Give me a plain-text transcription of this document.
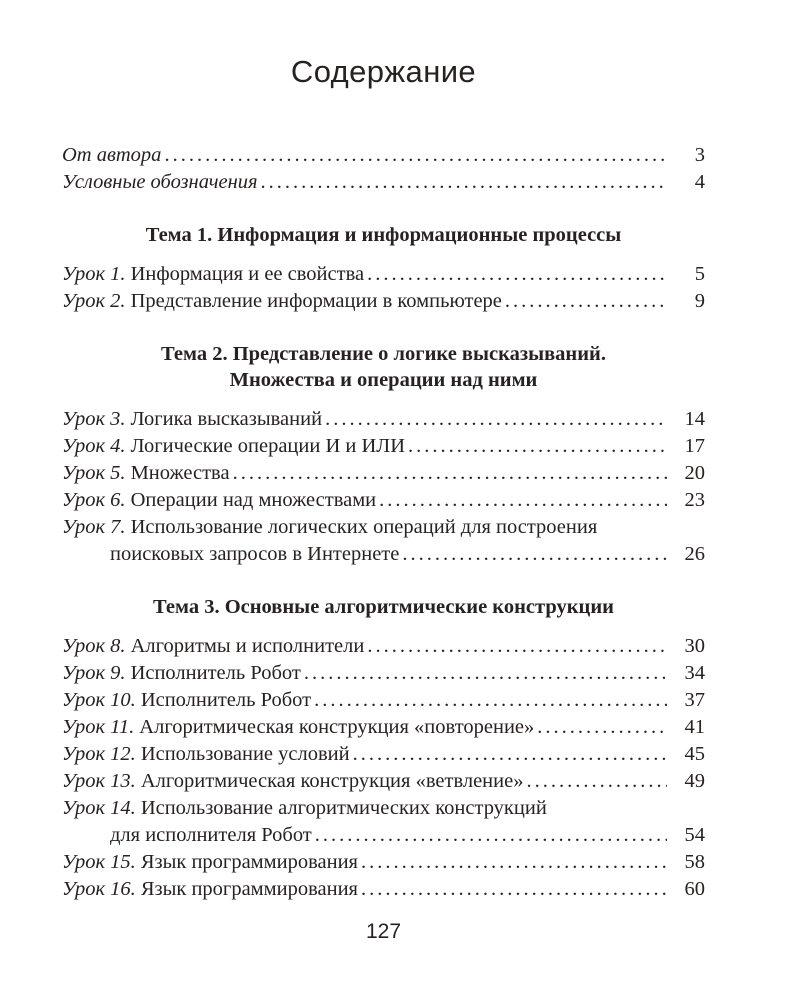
Содержание
От автора .....	3
Условные обозначения .....	4
Тема 1. Информация и информационные процессы
Урок 1. Информация и ее свойства .....	5
Урок 2. Представление информации в компьютере .....	9
Тема 2. Представление о логике высказываний.
Множества и операции над ними
Урок 3. Логика высказываний .....	14
Урок 4. Логические операции И и ИЛИ .....	17
Урок 5. Множества .....	20
Урок 6. Операции над множествами .....	23
Урок 7. Использование логических операций для построения
поисковых запросов в Интернете .....	26
Тема 3. Основные алгоритмические конструкции
Урок 8. Алгоритмы и исполнители .....	30
Урок 9. Исполнитель Робот .....	34
Урок 10. Исполнитель Робот .....	37
Урок 11. Алгоритмическая конструкция «повторение» .....	41
Урок 12. Использование условий .....	45
Урок 13. Алгоритмическая конструкция «ветвление» .....	49
Урок 14. Использование алгоритмических конструкций
для исполнителя Робот .....	54
Урок 15. Язык программирования .....	58
Урок 16. Язык программирования .....	60
127
